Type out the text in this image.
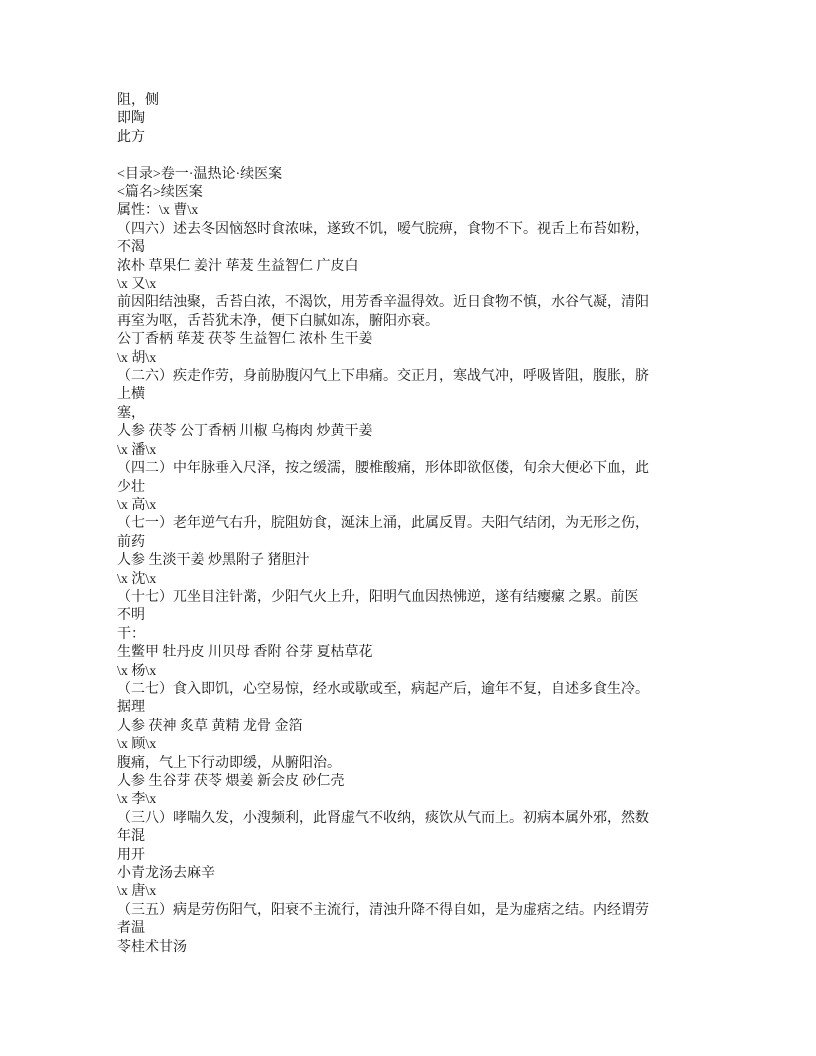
阻，侧
即陶
此方
<目录>卷一·温热论·续医案
<篇名>续医案
属性：\x 曹\x
（四六）述去冬因恼怒时食浓味，遂致不饥，嗳气脘痹，食物不下。视舌上布苔如粉，
不渴
浓朴 草果仁 姜汁 荜茇 生益智仁 广皮白
\x 又\x
前因阳结浊聚，舌苔白浓，不渴饮，用芳香辛温得效。近日食物不慎，水谷气凝，清阳
再室为呕，舌苔犹未净，便下白腻如冻，腑阳亦衰。
公丁香柄 荜茇 茯苓 生益智仁 浓朴 生干姜
\x 胡\x
（二六）疾走作劳，身前胁腹闪气上下串痛。交正月，寒战气冲，呼吸皆阻，腹胀，脐
上横
塞，
人参 茯苓 公丁香柄 川椒 乌梅肉 炒黄干姜
\x 潘\x
（四二）中年脉垂入尺泽，按之缓濡，腰椎酸痛，形体即欲伛偻，旬余大便必下血，此
少壮
\x 高\x
（七一）老年逆气右升，脘阻妨食，涎沫上涌，此属反胃。夫阳气结闭，为无形之伤，
前药
人参 生淡干姜 炒黑附子 猪胆汁
\x 沈\x
（十七）兀坐目注针黹，少阳气火上升，阳明气血因热怫逆，遂有结瘿瘰 之累。前医
不明
干：
生鳖甲 牡丹皮 川贝母 香附 谷芽 夏枯草花
\x 杨\x
（二七）食入即饥，心空易惊，经水或歇或至，病起产后，逾年不复，自述多食生冷。
据理
人参 茯神 炙草 黄精 龙骨 金箔
\x 顾\x
腹痛，气上下行动即缓，从腑阳治。
人参 生谷芽 茯苓 煨姜 新会皮 砂仁壳
\x 李\x
（三八）哮喘久发，小溲频利，此肾虚气不收纳，痰饮从气而上。初病本属外邪，然数
年混
用开
小青龙汤去麻辛
\x 唐\x
（三五）病是劳伤阳气，阳衰不主流行，清浊升降不得自如，是为虚痞之结。内经谓劳
者温
苓桂术甘汤
